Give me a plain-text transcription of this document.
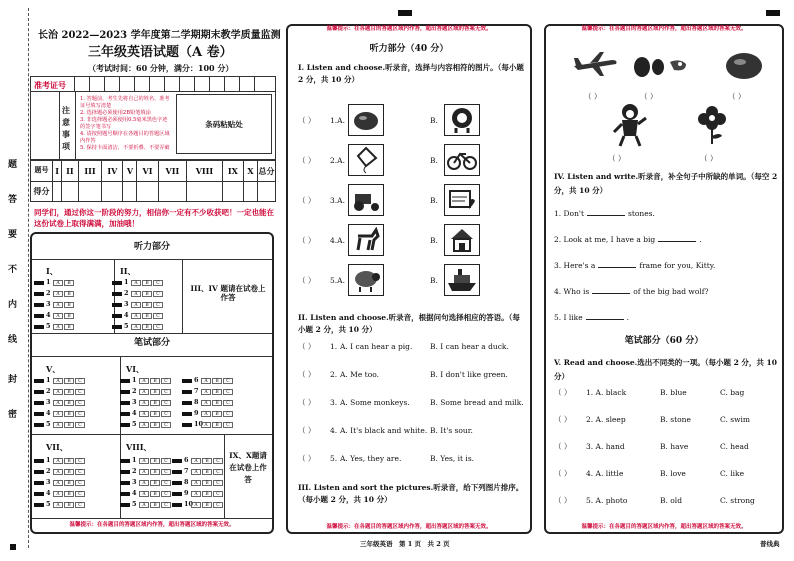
题
答
要
不
内
线
封
密
长治 2022—2023 学年度第二学期期末教学质量监测
三年级英语试题（A 卷）
（考试时间：60 分钟，满分：100 分）
准考证号
注意事项
1. 答题前，考生先将自己的姓名、准考证号填写清楚
2. 选择题必须使用2B铅笔填涂
3. 非选择题必须使用0.5毫米黑色字迹的签字笔书写
4. 请按照题号顺序在各题目的答题区域内作答
5. 保持卡面清洁，不要折叠、不要弄破
条码粘贴处
题号	I	II	III	IV	V	VI	VII	VIII	IX	X	总分
得分											
同学们，通过你这一阶段的努力，相信你一定有不少收获吧！一定也能在这份试卷上取得满满，加油哦！
听力部分
笔试部分
I、	II、
III、IV 题请在试卷上作答
V、	VI、
VII、	VIII、
IX、X题请在试卷上作答
1	A	B
2	A	B
3	A	B
4	A	B
5	A	B
1	A	B	C
2	A	B	C
3	A	B	C
4	A	B	C
5	A	B	C
1	A	B	C
2	A	B	C
3	A	B	C
4	A	B	C
5	A	B	C
1	A	B	C
2	A	B	C
3	A	B	C
4	A	B	C
5	A	B	C
6	A	B	C
7	A	B	C
8	A	B	C
9	A	B	C
10 A	B	C
1	A	B	C
2	A	B	C
3	A	B	C
4	A	B	C
5	A	B	C
1	A	B	C
2	A	B	C
3	A	B	C
4	A	B	C
5	A	B	C
6	A	B	C
7	A	B	C
8	A	B	C
9	A	B	C
10 A	B	C
温馨提示：在各题目的答题区域内作答，超出答题区域的答案无效。
温馨提示：在各题目的答题区域内作答，超出答题区域的答案无效。
听力部分（40 分）
I. Listen and choose.听录音，选择与内容相符的图片。（每小题 2 分，共 10 分）
（ ） 1.A.	B.
（ ） 2.A.	B.
（ ） 3.A.	B.
（ ） 4.A.	B.
（ ） 5.A.	B.
II. Listen and choose.听录音，根据问句选择相应的答语。（每小题 2 分，共 10 分）
（ ） 1. A. I can hear a pig. B. I can hear a duck.
（ ） 2. A. Me too.	B. I don't like green.
（ ） 3. A. Some monkeys.	B. Some bread and milk.
（ ） 4. A. It's black and white. B. It's sour.
（ ） 5. A. Yes, they are.	B. Yes, it is.
III. Listen and sort the pictures.听录音，给下列图片排序。（每小题 2 分，共 10 分）
温馨提示：在各题目的答题区域内作答，超出答题区域的答案无效。
温馨提示：在各题目的答题区域内作答，超出答题区域的答案无效。
（ ）	（ ）	（ ）
（ ）	（ ）
IV. Listen and write.听录音，补全句子中所缺的单词。（每空 2 分，共 10 分）
1. Don't	stones.
2. Look at me, I have a big	.
3. Here's a	frame for you, Kitty.
4. Who is	of the big bad wolf?
5. I like	.
笔试部分（60 分）
V. Read and choose.选出不同类的一项。（每小题 2 分，共 10 分）
（ ） 1. A. black	B. blue	C. bag
（ ） 2. A. sleep	B. stone	C. swim
（ ） 3. A. hand	B. have	C. head
（ ） 4. A. little	B. love	C. like
（ ） 5. A. photo	B. old	C. strong
温馨提示：在各题目的答题区域内作答，超出答题区域的答案无效。
三年级英语　第 1 页　共 2 页	普线典
